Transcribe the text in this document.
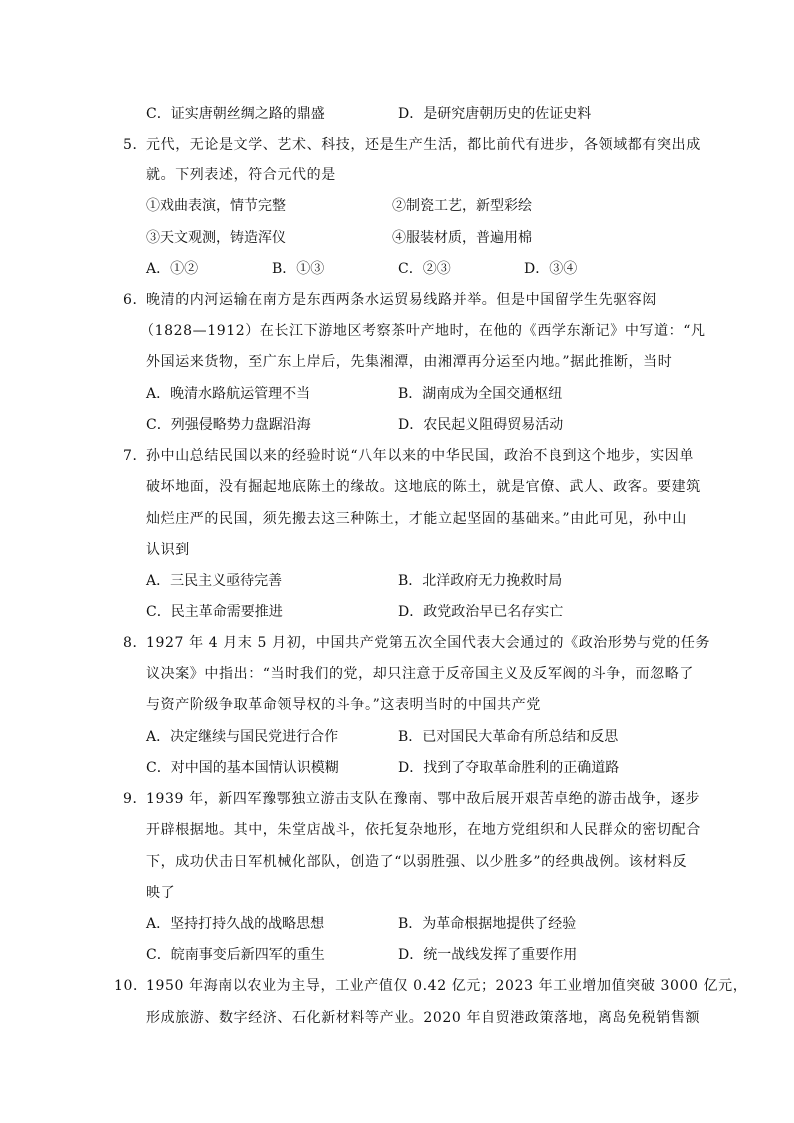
C．证实唐朝丝绸之路的鼎盛	D．是研究唐朝历史的佐证史料
5．
元代，无论是文学、艺术、科技，还是生产生活，都比前代有进步，各领域都有突出成
就。下列表述，符合元代的是
①戏曲表演，情节完整	②制瓷工艺，新型彩绘
③天文观测，铸造浑仪	④服装材质，普遍用棉
A．①②	B．①③	C．②③	D．③④
6．
晚清的内河运输在南方是东西两条水运贸易线路并举。但是中国留学生先驱容闳
（1828—1912）在长江下游地区考察茶叶产地时，在他的《西学东渐记》中写道：“凡
外国运来货物，至广东上岸后，先集湘潭，由湘潭再分运至内地。”据此推断，当时
A．晚清水路航运管理不当	B．湖南成为全国交通枢纽
C．列强侵略势力盘踞沿海	D．农民起义阻碍贸易活动
7．
孙中山总结民国以来的经验时说“八年以来的中华民国，政治不良到这个地步，实因单
破坏地面，没有掘起地底陈土的缘故。这地底的陈土，就是官僚、武人、政客。要建筑
灿烂庄严的民国，须先搬去这三种陈土，才能立起坚固的基础来。”由此可见，孙中山
认识到
A．三民主义亟待完善	B．北洋政府无力挽救时局
C．民主革命需要推进	D．政党政治早已名存实亡
8．
1927 年 4 月末 5 月初，中国共产党第五次全国代表大会通过的《政治形势与党的任务
议决案》中指出：“当时我们的党，却只注意于反帝国主义及反军阀的斗争，而忽略了
与资产阶级争取革命领导权的斗争。”这表明当时的中国共产党
A．决定继续与国民党进行合作	B．已对国民大革命有所总结和反思
C．对中国的基本国情认识模糊	D．找到了夺取革命胜利的正确道路
9．
1939 年，新四军豫鄂独立游击支队在豫南、鄂中敌后展开艰苦卓绝的游击战争，逐步
开辟根据地。其中，朱堂店战斗，依托复杂地形，在地方党组织和人民群众的密切配合
下，成功伏击日军机械化部队，创造了“以弱胜强、以少胜多”的经典战例。该材料反
映了
A．坚持打持久战的战略思想	B．为革命根据地提供了经验
C．皖南事变后新四军的重生	D．统一战线发挥了重要作用
10．
1950 年海南以农业为主导，工业产值仅 0.42 亿元；2023 年工业增加值突破 3000 亿元，
形成旅游、数字经济、石化新材料等产业。2020 年自贸港政策落地，离岛免税销售额
